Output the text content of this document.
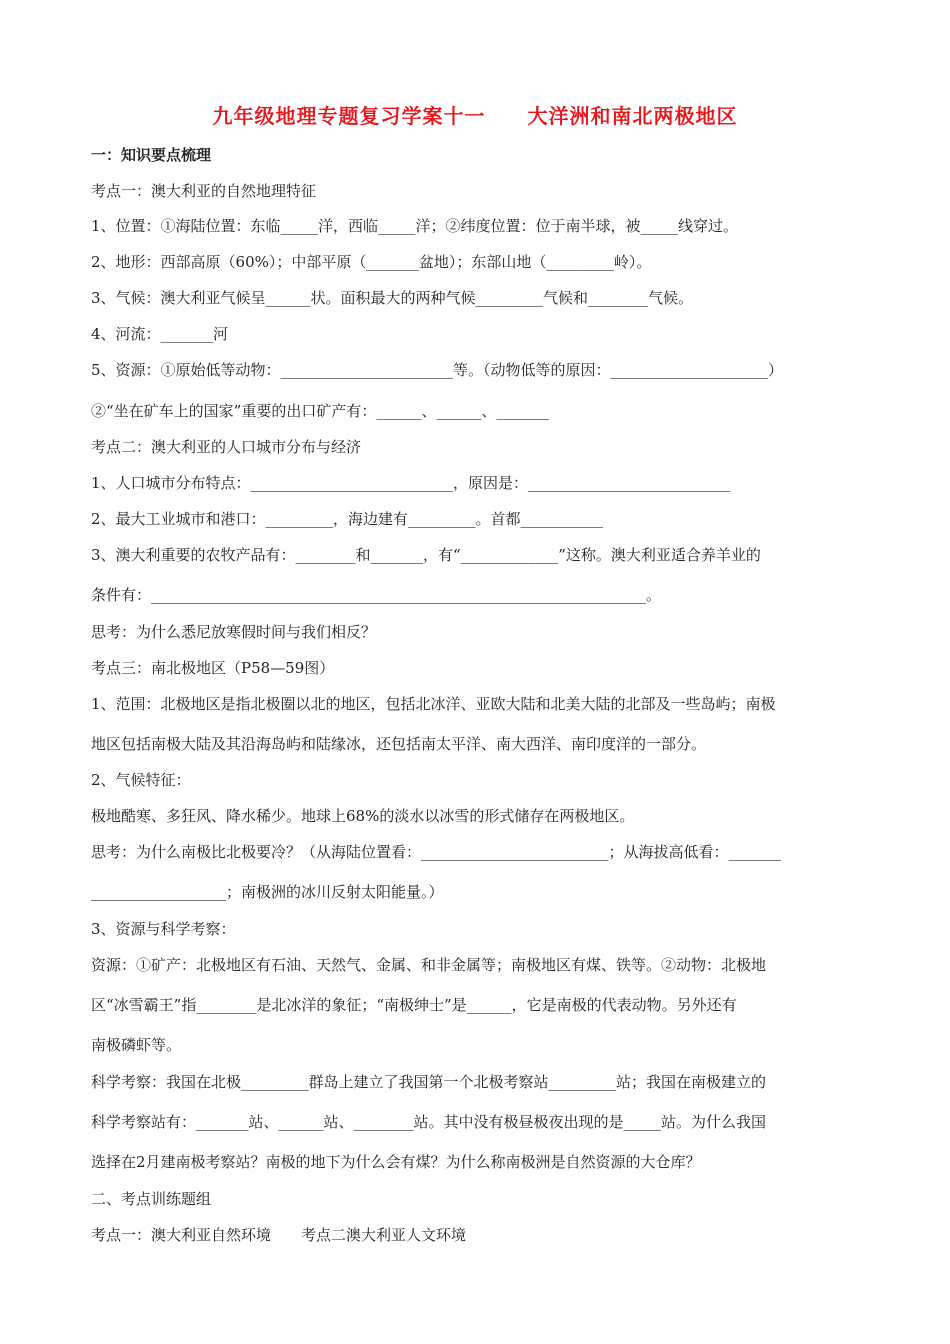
九年级地理专题复习学案十一　　大洋洲和南北两极地区
一：知识要点梳理
考点一：澳大利亚的自然地理特征
1、位置：①海陆位置：东临_____洋，西临_____洋；②纬度位置：位于南半球，被_____线穿过。
2、地形：西部高原（60%）；中部平原（_______盆地）；东部山地（_________岭）。
3、气候：澳大利亚气候呈______状。面积最大的两种气候_________气候和________气候。
4、河流：_______河
5、资源：①原始低等动物：_______________________等。（动物低等的原因：_____________________）
②“坐在矿车上的国家”重要的出口矿产有：______、______、_______
考点二：澳大利亚的人口城市分布与经济
1、人口城市分布特点：___________________________，原因是：___________________________
2、最大工业城市和港口：_________，海边建有_________。首都___________
3、澳大利重要的农牧产品有：________和_______，有“_____________”这称。澳大利亚适合养羊业的
条件有：__________________________________________________________________。
思考：为什么悉尼放寒假时间与我们相反？
考点三：南北极地区（P58—59图）
1、范围：北极地区是指北极圈以北的地区，包括北冰洋、亚欧大陆和北美大陆的北部及一些岛屿；南极
地区包括南极大陆及其沿海岛屿和陆缘冰，还包括南太平洋、南大西洋、南印度洋的一部分。
2、气候特征：
极地酷寒、多狂风、降水稀少。地球上68%的淡水以冰雪的形式储存在两极地区。
思考：为什么南极比北极要冷？（从海陆位置看：_________________________；从海拔高低看：_______
__________________；南极洲的冰川反射太阳能量。）
3、资源与科学考察：
资源：①矿产：北极地区有石油、天然气、金属、和非金属等；南极地区有煤、铁等。②动物：北极地
区“冰雪霸王”指________是北冰洋的象征；“南极绅士”是______，它是南极的代表动物。另外还有
南极磷虾等。
科学考察：我国在北极_________群岛上建立了我国第一个北极考察站_________站；我国在南极建立的
科学考察站有：_______站、______站、________站。其中没有极昼极夜出现的是_____站。为什么我国
选择在2月建南极考察站？南极的地下为什么会有煤？为什么称南极洲是自然资源的大仓库？
二、考点训练题组
考点一：澳大利亚自然环境　　考点二澳大利亚人文环境
